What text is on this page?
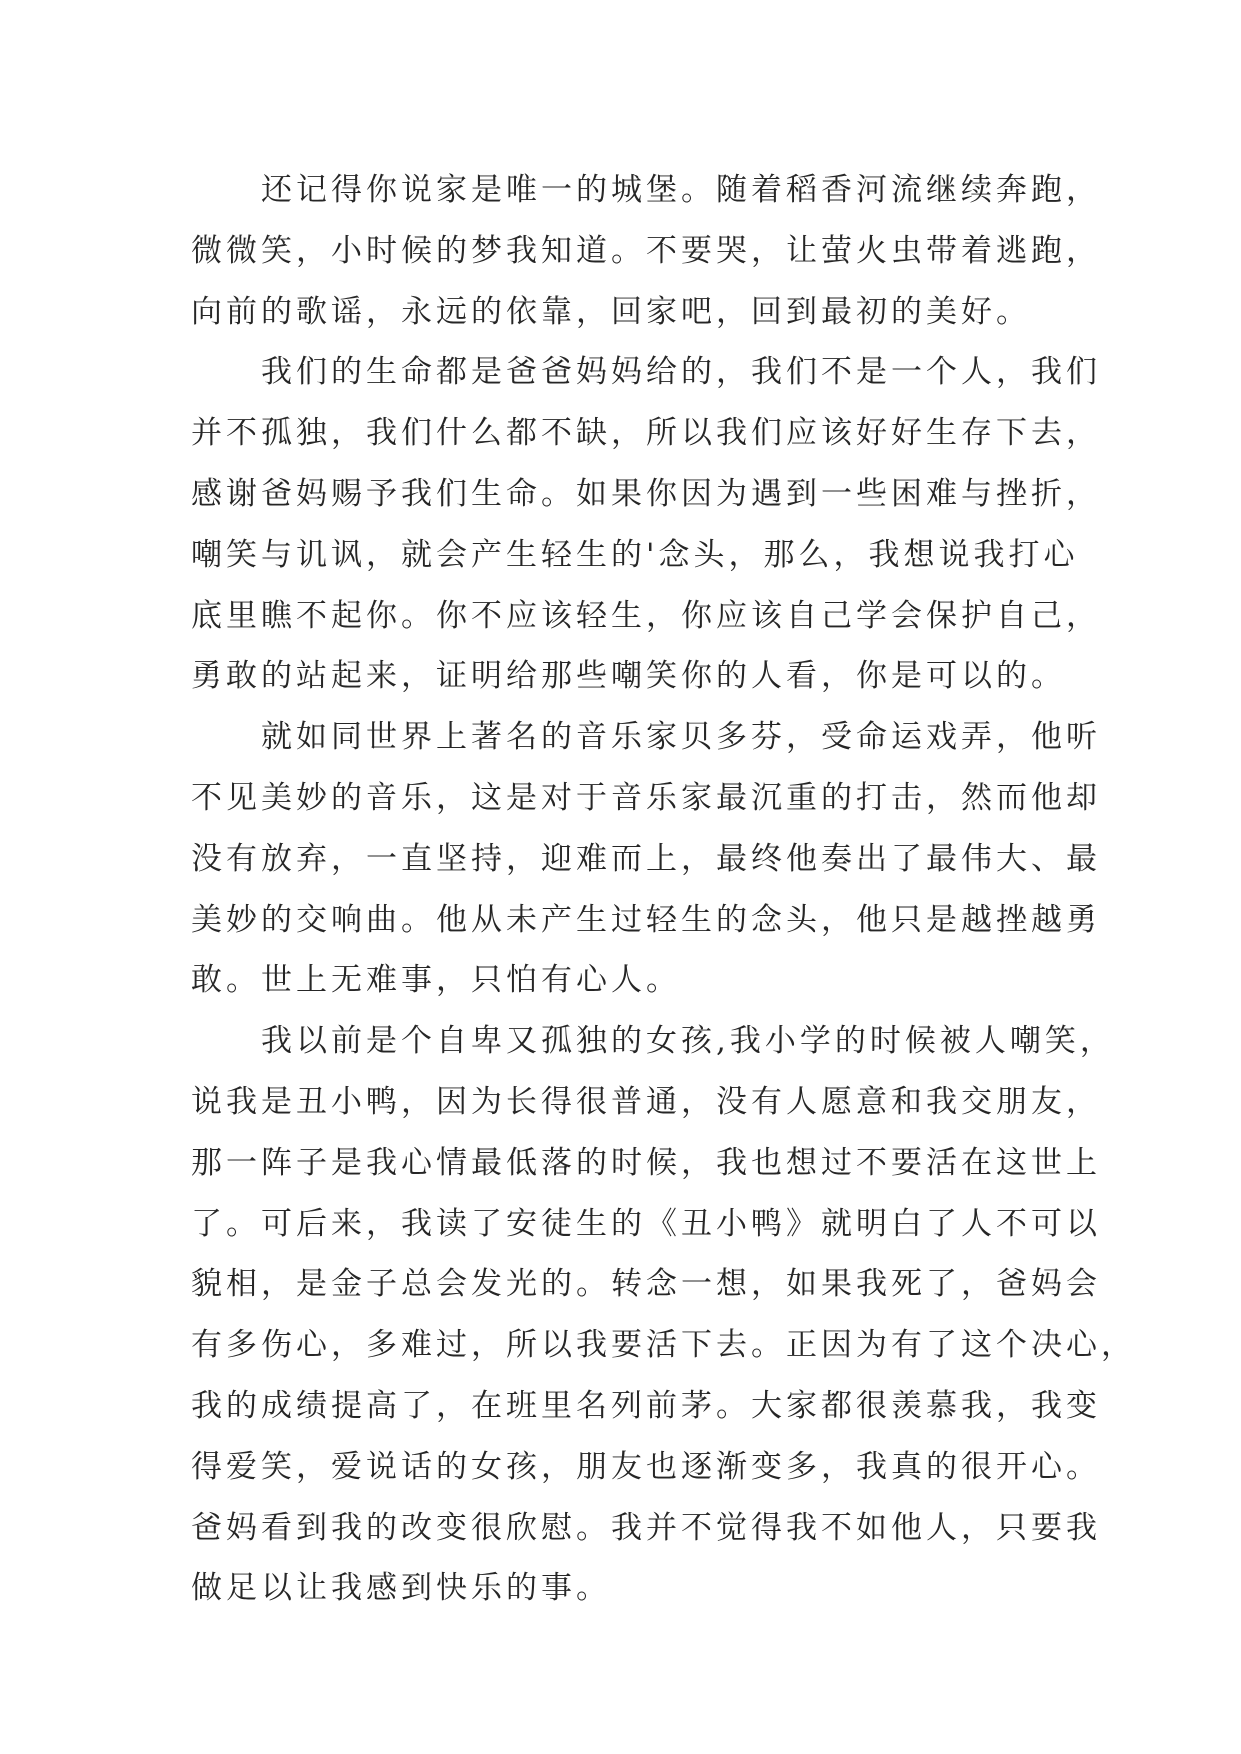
还记得你说家是唯一的城堡。随着稻香河流继续奔跑，
微微笑，小时候的梦我知道。不要哭，让萤火虫带着逃跑，
向前的歌谣，永远的依靠，回家吧，回到最初的美好。
我们的生命都是爸爸妈妈给的，我们不是一个人，我们
并不孤独，我们什么都不缺，所以我们应该好好生存下去，
感谢爸妈赐予我们生命。如果你因为遇到一些困难与挫折，
嘲笑与讥讽，就会产生轻生的'念头，那么，我想说我打心
底里瞧不起你。你不应该轻生，你应该自己学会保护自己，
勇敢的站起来，证明给那些嘲笑你的人看，你是可以的。
就如同世界上著名的音乐家贝多芬，受命运戏弄，他听
不见美妙的音乐，这是对于音乐家最沉重的打击，然而他却
没有放弃，一直坚持，迎难而上，最终他奏出了最伟大、最
美妙的交响曲。他从未产生过轻生的念头，他只是越挫越勇
敢。世上无难事，只怕有心人。
我以前是个自卑又孤独的女孩,我小学的时候被人嘲笑，
说我是丑小鸭，因为长得很普通，没有人愿意和我交朋友，
那一阵子是我心情最低落的时候，我也想过不要活在这世上
了。可后来，我读了安徒生的《丑小鸭》就明白了人不可以
貌相，是金子总会发光的。转念一想，如果我死了，爸妈会
有多伤心，多难过，所以我要活下去。正因为有了这个决心，
我的成绩提高了，在班里名列前茅。大家都很羡慕我，我变
得爱笑，爱说话的女孩，朋友也逐渐变多，我真的很开心。
爸妈看到我的改变很欣慰。我并不觉得我不如他人，只要我
做足以让我感到快乐的事。
